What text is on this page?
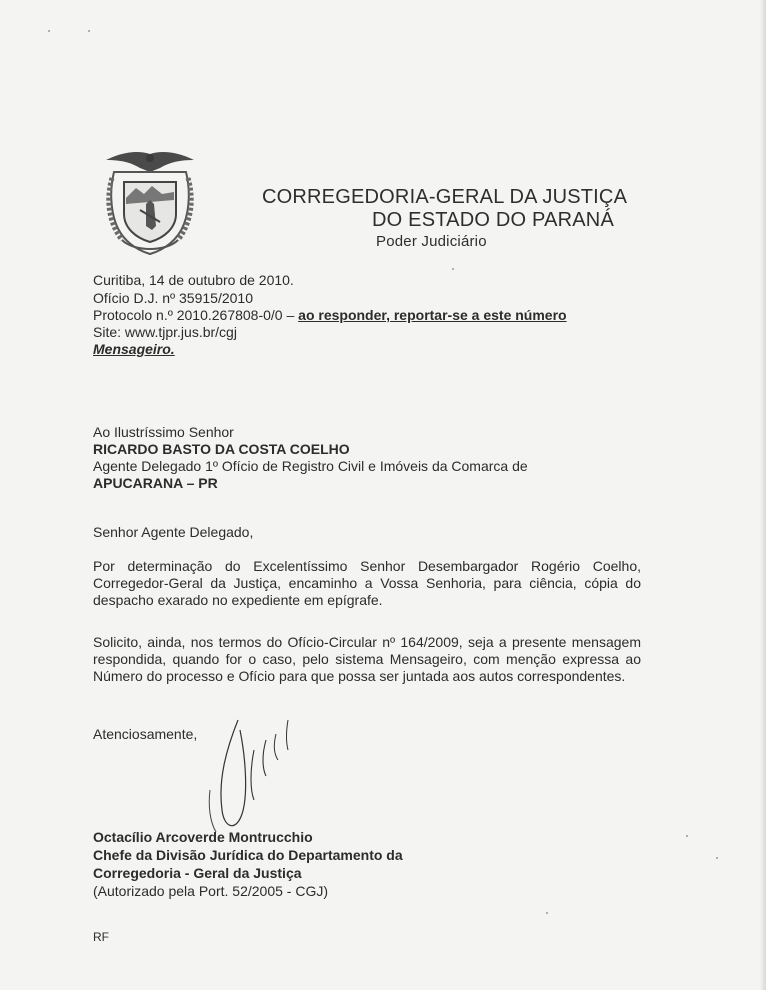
CORREGEDORIA-GERAL DA JUSTIÇA
DO ESTADO DO PARANÁ
Poder Judiciário
Curitiba, 14 de outubro de 2010.
Ofício D.J. nº 35915/2010
Protocolo n.º 2010.267808-0/0 – ao responder, reportar-se a este número
Site: www.tjpr.jus.br/cgj
Mensageiro.
Ao Ilustríssimo Senhor
RICARDO BASTO DA COSTA COELHO
Agente Delegado 1º Ofício de Registro Civil e Imóveis da Comarca de
APUCARANA – PR
Senhor Agente Delegado,
Por determinação do Excelentíssimo Senhor Desembargador Rogério Coelho, Corregedor-Geral da Justiça, encaminho a Vossa Senhoria, para ciência, cópia do despacho exarado no expediente em epígrafe.
Solicito, ainda, nos termos do Ofício-Circular nº 164/2009, seja a presente mensagem respondida, quando for o caso, pelo sistema Mensageiro, com menção expressa ao Número do processo e Ofício para que possa ser juntada aos autos correspondentes.
Atenciosamente,
Octacílio Arcoverde Montrucchio
Chefe da Divisão Jurídica do Departamento da
Corregedoria - Geral da Justiça
(Autorizado pela Port. 52/2005 - CGJ)
RF
